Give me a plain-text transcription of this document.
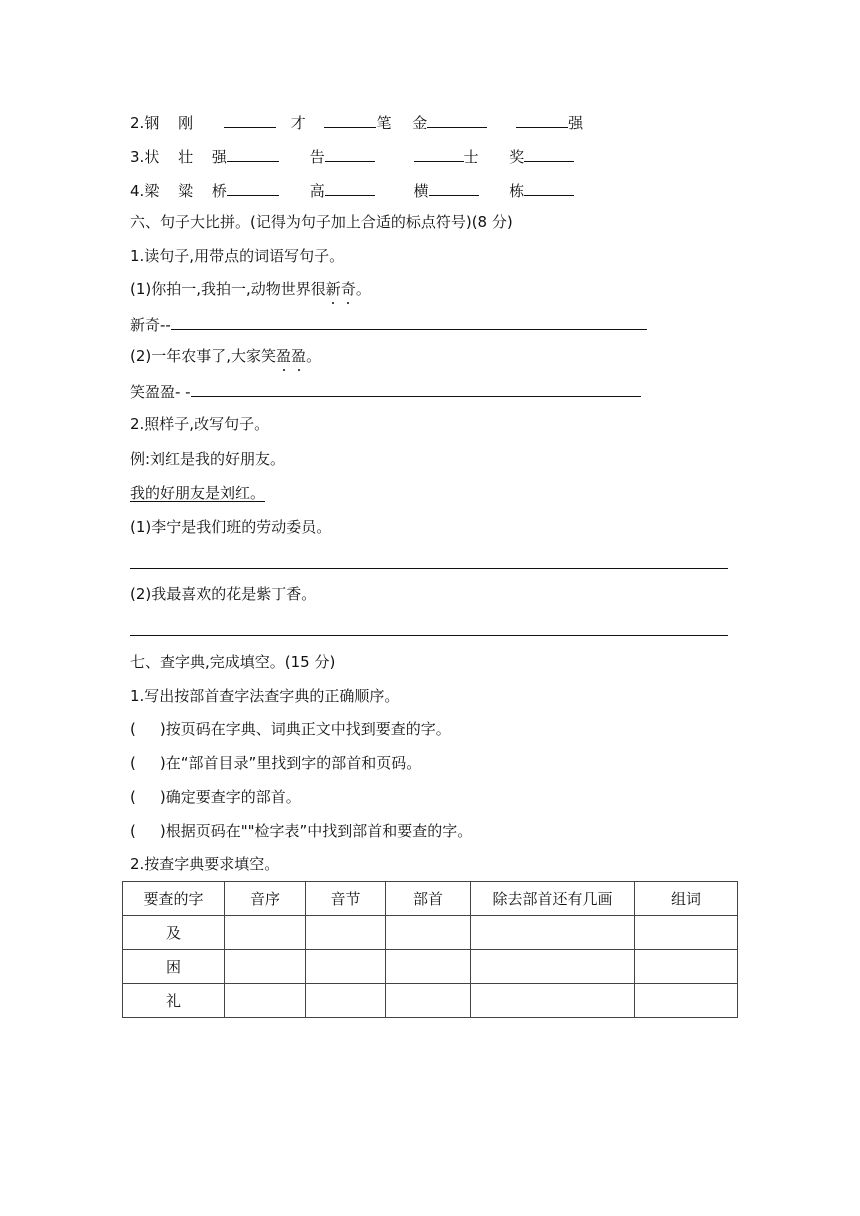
2.钢 刚	才	笔 金	强
3.状 壮 强	告	士 奖
4.梁 粱 桥	高	横	栋
六、句子大比拼。(记得为句子加上合适的标点符号)(8 分)
1.读句子,用带点的词语写句子。
(1)你拍一,我拍一,动物世界很新奇。
新奇--
(2)一年农事了,大家笑盈盈。
笑盈盈- -
2.照样子,改写句子。
例:刘红是我的好朋友。
我的好朋友是刘红。
(1)李宁是我们班的劳动委员。
(2)我最喜欢的花是紫丁香。
七、查字典,完成填空。(15 分)
1.写出按部首查字法查字典的正确顺序。
( )按页码在字典、词典正文中找到要查的字。
( )在“部首目录”里找到字的部首和页码。
( )确定要查字的部首。
( )根据页码在""检字表”中找到部首和要查的字。
2.按查字典要求填空。
要查的字	音序	音节	部首	除去部首还有几画	组词
及					
困					
礼					
